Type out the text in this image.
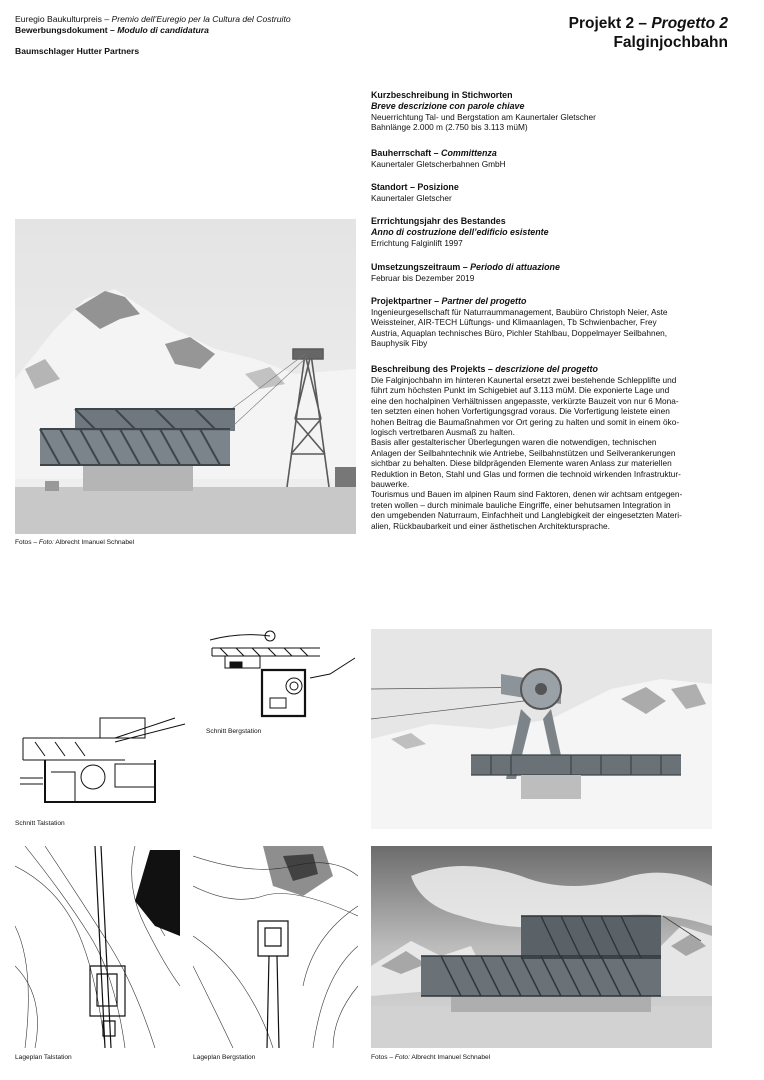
Euregio Baukulturpreis – Premio dell’Euregio per la Cultura del Costruito
Bewerbungsdokument – Modulo di candidatura
Baumschlager Hutter Partners
Projekt 2 – Progetto 2
Falginjochbahn
Kurzbeschreibung in Stichworten
Breve descrizione con parole chiave

Neuerrichtung Tal- und Bergstation am Kaunertaler Gletscher

Bahnlänge 2.000 m (2.750 bis 3.113 müM)

Bauherrschaft – Committenza

Kaunertaler Gletscherbahnen GmbH

Standort – Posizione

Kaunertaler Gletscher

Errrichtungsjahr des Bestandes
Anno di costruzione dell’edificio esistente

Errichtung Falginlift 1997

Umsetzungszeitraum – Periodo di attuazione

Februar bis Dezember 2019

Projektpartner – Partner del progetto

Ingenieurgesellschaft für Naturraummanagement, Baubüro Christoph Neier, Aste

Weissteiner, AIR-TECH Lüftungs- und Klimaanlagen, Tb Schwienbacher, Frey

Austria, Aquaplan technisches Büro, Pichler Stahlbau, Doppelmayer Seilbahnen,

Bauphysik Fiby

Beschreibung des Projekts – descrizione del progetto

Die Falginjochbahn im hinteren Kaunertal ersetzt zwei bestehende Schlepplifte und

führt zum höchsten Punkt im Schigebiet auf 3.113 müM. Die exponierte Lage und

eine den hochalpinen Verhältnissen angepasste, verkürzte Bauzeit von nur 6 Mona-

ten setzten einen hohen Vorfertigungsgrad voraus. Die Vorfertigung leistete einen

hohen Beitrag die Baumaßnahmen vor Ort gering zu halten und somit in einem öko-

logisch vertretbaren Ausmaß zu halten.

Basis aller gestalterischer Überlegungen waren die notwendigen, technischen

Anlagen der Seilbahntechnik wie Antriebe, Seilbahnstützen und Seilverankerungen

sichtbar zu behalten. Diese bildprägenden Elemente waren Anlass zur materiellen

Reduktion in Beton, Stahl und Glas und formen die technoid wirkenden Infrastruktur-

bauwerke.

Tourismus und Bauen im alpinen Raum sind Faktoren, denen wir achtsam entgegen-

treten wollen – durch minimale bauliche Eingriffe, einer behutsamen Integration in

den umgebenden Naturraum, Einfachheit und Langlebigkeit der eingesetzten Materi-

alien, Rückbaubarkeit und einer ästhetischen Architektursprache.

Fotos – Foto: Albrecht Imanuel Schnabel
Schnitt Bergstation
Schnitt Talstation
Lageplan Talstation	Lageplan Bergstation	Fotos – Foto: Albrecht Imanuel Schnabel
